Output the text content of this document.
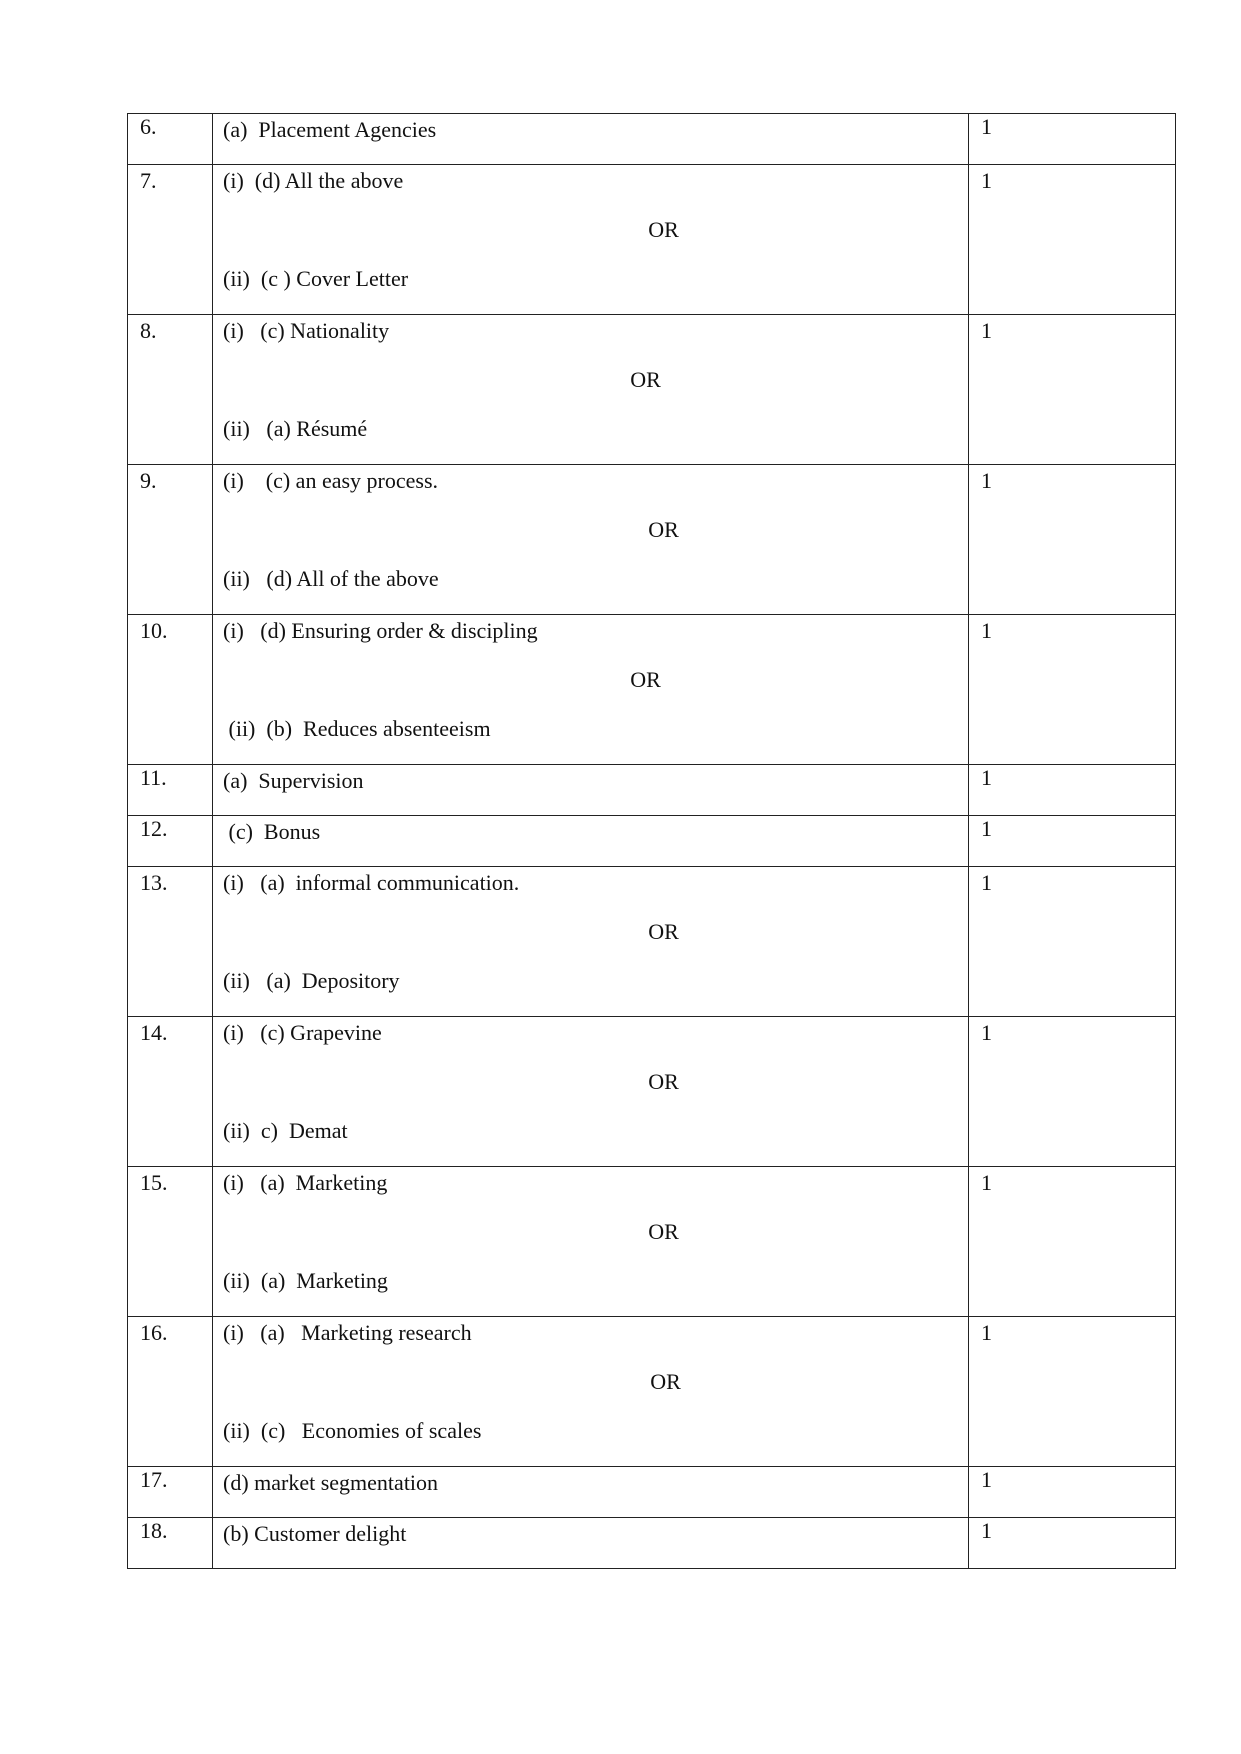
6.	(a)  Placement Agencies	1

7.	(i)  (d) All the above
OR
(ii)  (c ) Cover Letter	1

8.	(i)   (c) Nationality
OR
(ii)   (a) Résumé	1

9.	(i)    (c) an easy process.
OR
(ii)   (d) All of the above	1

10.	(i)   (d) Ensuring order & discipling
OR
(ii)  (b)  Reduces absenteeism	1

11.	(a)  Supervision	1

12.	(c)  Bonus	1

13.	(i)   (a)  informal communication.
OR
(ii)   (a)  Depository	1

14.	(i)   (c) Grapevine
OR
(ii)  c)  Demat	1

15.	(i)   (a)  Marketing
OR
(ii)  (a)  Marketing	1

16.	(i)   (a)   Marketing research
OR
(ii)  (c)   Economies of scales	1

17.	(d) market segmentation	1

18.	(b) Customer delight	1
